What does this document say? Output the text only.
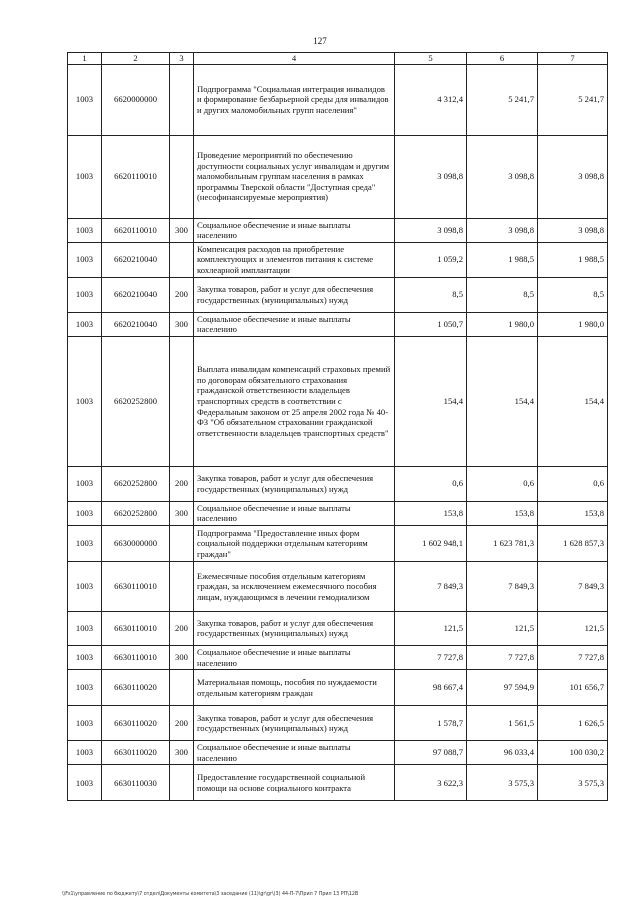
127
1	2	3	4	5	6	7
1003	6620000000		Подпрограмма "Социальная интеграция инвалидов и формирование безбарьерной среды для инвалидов и других маломобильных групп населения"	4 312,4	5 241,7	5 241,7
1003	6620110010		Проведение мероприятий по обеспечению доступности социальных услуг инвалидам и другим маломобильным группам населения в рамках программы Тверской области "Доступная среда" (несофинансируемые мероприятия)	3 098,8	3 098,8	3 098,8
1003	6620110010	300	Социальное обеспечение и иные выплаты населению	3 098,8	3 098,8	3 098,8
1003	6620210040		Компенсация расходов на приобретение комплектующих и элементов питания к системе кохлеарной имплантации	1 059,2	1 988,5	1 988,5
1003	6620210040	200	Закупка товаров, работ и услуг для обеспечения государственных (муниципальных) нужд	8,5	8,5	8,5
1003	6620210040	300	Социальное обеспечение и иные выплаты населению	1 050,7	1 980,0	1 980,0
1003	6620252800		Выплата инвалидам компенсаций страховых премий по договорам обязательного страхования гражданской ответственности владельцев транспортных средств в соответствии с Федеральным законом от 25 апреля 2002 года № 40-ФЗ "Об обязательном страховании гражданской ответственности владельцев транспортных средств"	154,4	154,4	154,4
1003	6620252800	200	Закупка товаров, работ и услуг для обеспечения государственных (муниципальных) нужд	0,6	0,6	0,6
1003	6620252800	300	Социальное обеспечение и иные выплаты населению	153,8	153,8	153,8
1003	6630000000		Подпрограмма "Предоставление иных форм социальной поддержки отдельным категориям граждан"	1 602 948,1	1 623 781,3	1 628 857,3
1003	6630110010		Ежемесячные пособия отдельным категориям граждан, за исключением ежемесячного пособия лицам, нуждающимся в лечении гемодиализом	7 849,3	7 849,3	7 849,3
1003	6630110010	200	Закупка товаров, работ и услуг для обеспечения государственных (муниципальных) нужд	121,5	121,5	121,5
1003	6630110010	300	Социальное обеспечение и иные выплаты населению	7 727,8	7 727,8	7 727,8
1003	6630110020		Материальная помощь, пособия по нуждаемости отдельным категориям граждан	98 667,4	97 594,9	101 656,7
1003	6630110020	200	Закупка товаров, работ и услуг для обеспечения государственных (муниципальных) нужд	1 578,7	1 561,5	1 626,5
1003	6630110020	300	Социальное обеспечение и иные выплаты населению	97 088,7	96 033,4	100 030,2
1003	6630110030		Предоставление государственной социальной помощи на основе социального контракта	3 622,3	3 575,3	3 575,3
\\Fs1\управление по бюджету\7 отдел\Документы комитета\3 заседание (11)\gr\gr\(3) 44-П-7\Прил 7 Прил 13 РП\12В
